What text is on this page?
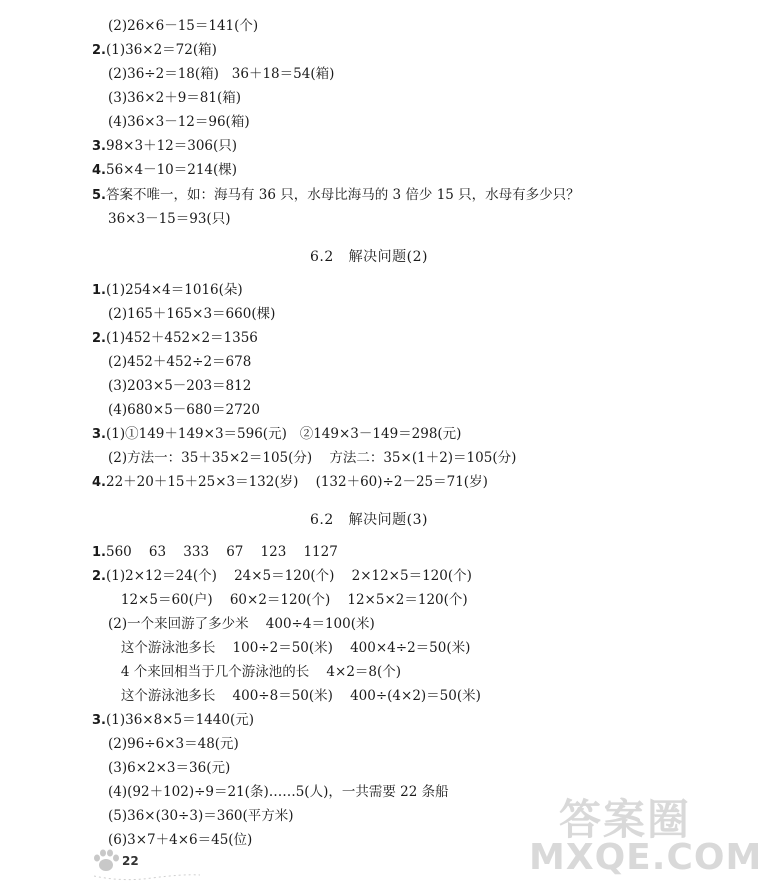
(2)26×6－15＝141(个)
2.(1)36×2＝72(箱)
(2)36÷2＝18(箱)   36＋18＝54(箱)
(3)36×2＋9＝81(箱)
(4)36×3－12＝96(箱)
3.98×3＋12＝306(只)
4.56×4－10＝214(棵)
5.答案不唯一，如：海马有 36 只，水母比海马的 3 倍少 15 只，水母有多少只？
36×3－15＝93(只)
6.2   解决问题(2)
1.(1)254×4＝1016(朵)
(2)165＋165×3＝660(棵)
2.(1)452＋452×2＝1356
(2)452＋452÷2＝678
(3)203×5－203＝812
(4)680×5－680＝2720
3.(1)①149＋149×3＝596(元)   ②149×3－149＝298(元)
(2)方法一：35＋35×2＝105(分)    方法二：35×(1＋2)＝105(分)
4.22＋20＋15＋25×3＝132(岁)    (132＋60)÷2－25＝71(岁)
6.2   解决问题(3)
1.560    63    333    67    123    1127
2.(1)2×12＝24(个)    24×5＝120(个)    2×12×5＝120(个)
12×5＝60(户)    60×2＝120(个)    12×5×2＝120(个)
(2)一个来回游了多少米    400÷4＝100(米)
这个游泳池多长    100÷2＝50(米)    400×4÷2＝50(米)
4 个来回相当于几个游泳池的长    4×2＝8(个)
这个游泳池多长    400÷8＝50(米)    400÷(4×2)＝50(米)
3.(1)36×8×5＝1440(元)
(2)96÷6×3＝48(元)
(3)6×2×3＝36(元)
(4)(92＋102)÷9＝21(条)……5(人)，一共需要 22 条船
(5)36×(30÷3)＝360(平方米)
(6)3×7＋4×6＝45(位)
22
答案圈
MXQE.COM
